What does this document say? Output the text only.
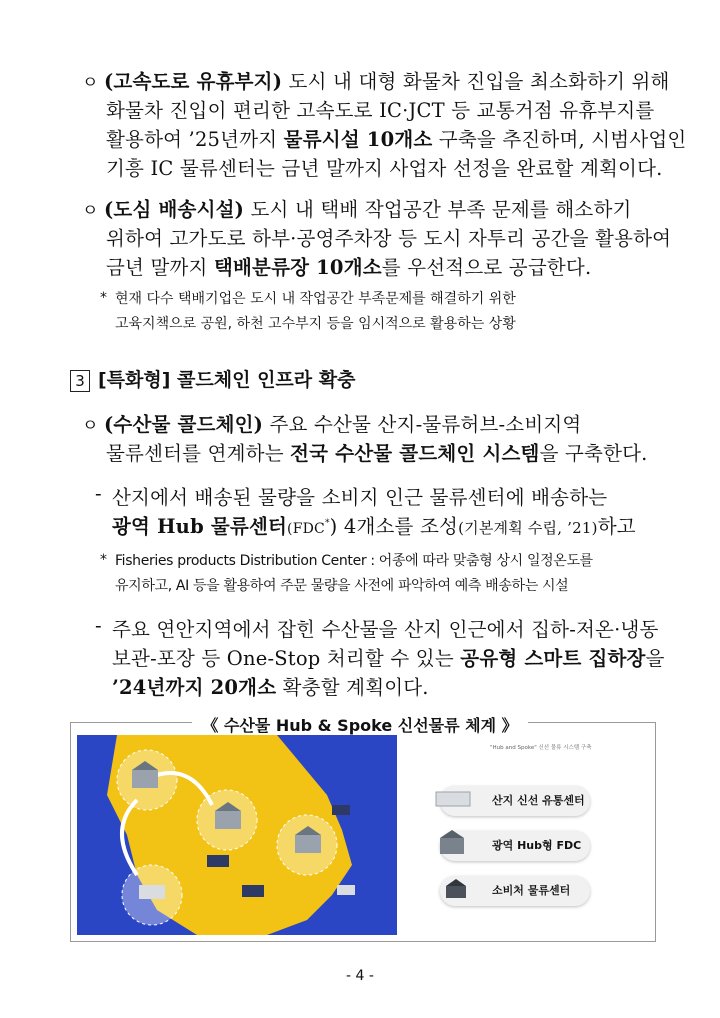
ㅇ (고속도로 유휴부지) 도시 내 대형 화물차 진입을 최소화하기 위해
화물차 진입이 편리한 고속도로 IC·JCT 등 교통거점 유휴부지를
활용하여 ’25년까지 물류시설 10개소 구축을 추진하며, 시범사업인
기흥 IC 물류센터는 금년 말까지 사업자 선정을 완료할 계획이다.
ㅇ (도심 배송시설) 도시 내 택배 작업공간 부족 문제를 해소하기
위하여 고가도로 하부·공영주차장 등 도시 자투리 공간을 활용하여
금년 말까지 택배분류장 10개소를 우선적으로 공급한다.
* 현재 다수 택배기업은 도시 내 작업공간 부족문제를 해결하기 위한
고육지책으로 공원, 하천 고수부지 등을 임시적으로 활용하는 상황
3 [특화형] 콜드체인 인프라 확충
ㅇ (수산물 콜드체인) 주요 수산물 산지-물류허브-소비지역
물류센터를 연계하는 전국 수산물 콜드체인 시스템을 구축한다.
- 산지에서 배송된 물량을 소비지 인근 물류센터에 배송하는
광역 Hub 물류센터(FDC*) 4개소를 조성(기본계획 수립, ’21)하고
* Fisheries products Distribution Center : 어종에 따라 맞춤형 상시 일정온도를
유지하고, AI 등을 활용하여 주문 물량을 사전에 파악하여 예측 배송하는 시설
- 주요 연안지역에서 잡힌 수산물을 산지 인근에서 집하-저온·냉동
보관-포장 등 One-Stop 처리할 수 있는 공유형 스마트 집하장을
’24년까지 20개소 확충할 계획이다.
《 수산물 Hub & Spoke 신선물류 체계 》
"Hub and Spoke" 신선 물류 시스템 구축
산지 신선 유통센터
광역 Hub형 FDC
소비처 물류센터
- 4 -
